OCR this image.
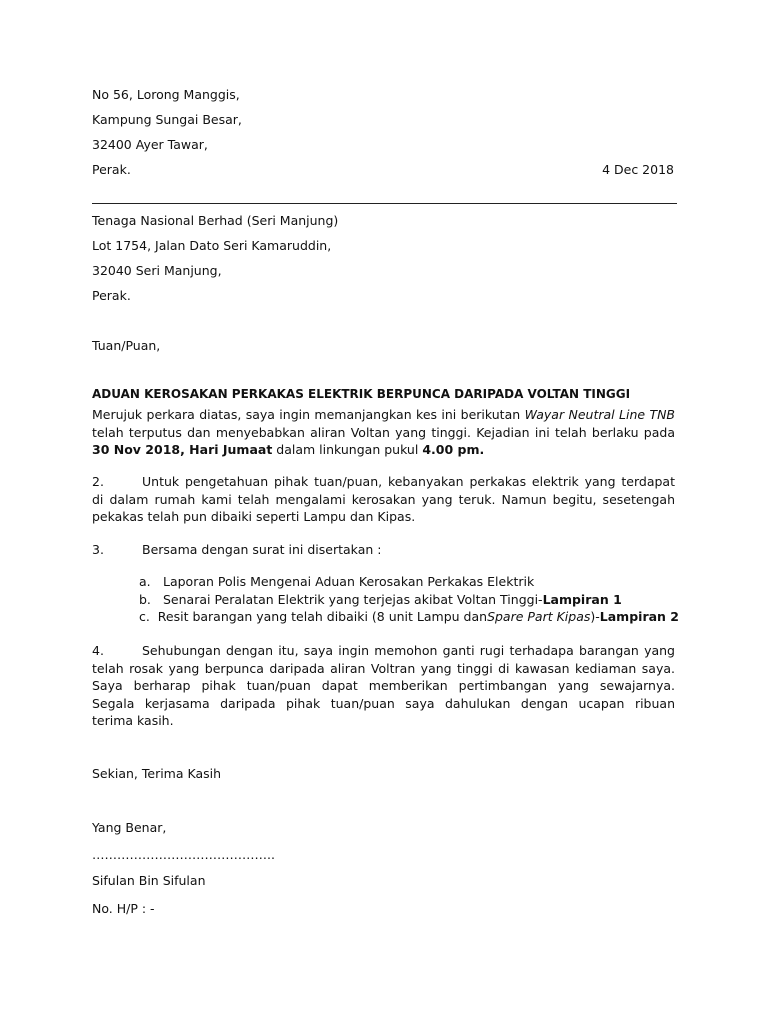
No 56, Lorong Manggis,
Kampung Sungai Besar,
32400 Ayer Tawar,
Perak.	4 Dec 2018
Tenaga Nasional Berhad (Seri Manjung)
Lot 1754, Jalan Dato Seri Kamaruddin,
32040 Seri Manjung,
Perak.
Tuan/Puan,
ADUAN KEROSAKAN PERKAKAS ELEKTRIK BERPUNCA DARIPADA VOLTAN TINGGI
Merujuk perkara diatas, saya ingin memanjangkan kes ini berikutan Wayar Neutral Line TNB
telah terputus dan menyebabkan aliran Voltan yang tinggi. Kejadian ini telah berlaku pada
30 Nov 2018, Hari Jumaat dalam linkungan pukul 4.00 pm.
2.	Untuk pengetahuan pihak tuan/puan, kebanyakan perkakas elektrik yang terdapat
di dalam rumah kami telah mengalami kerosakan yang teruk. Namun begitu, sesetengah
pekakas telah pun dibaiki seperti Lampu dan Kipas.
3.	Bersama dengan surat ini disertakan :
a. Laporan Polis Mengenai Aduan Kerosakan Perkakas Elektrik
b. Senarai Peralatan Elektrik yang terjejas akibat Voltan Tinggi- Lampiran 1
c. Resit barangan yang telah dibaiki (8 unit Lampu dan Spare Part Kipas )- Lampiran 2
4.	Sehubungan dengan itu, saya ingin memohon ganti rugi terhadapa barangan yang
telah rosak yang berpunca daripada aliran Voltran yang tinggi di kawasan kediaman saya.
Saya berharap pihak tuan/puan dapat memberikan pertimbangan yang sewajarnya.
Segala kerjasama daripada pihak tuan/puan saya dahulukan dengan ucapan ribuan
terima kasih.
Sekian, Terima Kasih
Yang Benar,
……………………………………..
Sifulan Bin Sifulan
No. H/P : -
